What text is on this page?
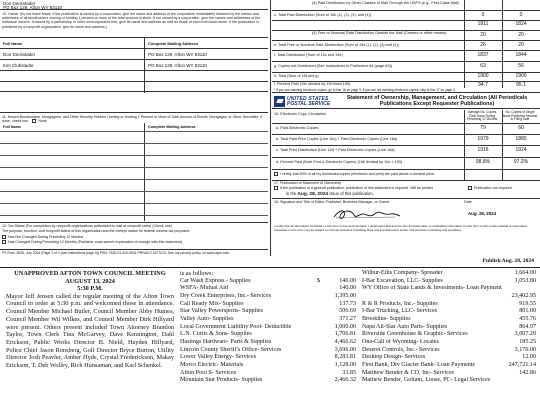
Don Deckstader
PO Box 129, Afton WY 83110
10. Owner (Do not leave blank. If the publication is owned by a corporation, give the name and address of the corporation immediately followed by the names and addresses of all stockholders owning or holding 1 percent or more of the total amount of stock. If not owned by a corporation, give the names and addresses of the individual owners. If owned by a partnership or other unincorporated firm, give its name and address as well as those of each individual owner. If the publication is published by a nonprofit organization, give its name and address.)
Full Name	Complete Mailing Address
Don Deckstader	PO Box 129, Afton WY 83110
Kim Clubstader	PO Box 129, Afton WY 83110
11. Known Bondholders, Mortgagees, and Other Security Holders Owning or Holding 1 Percent or More of Total Amount of Bonds, Mortgages, or Other Securities. If none, check box	None
Full Name	Complete Mailing Address
12. Tax Status (For completion by nonprofit organizations authorized to mail at nonprofit rates) (Check one)
The purpose, function, and nonprofit status of this organization and the exempt status for federal income tax purposes:
Has Not Changed During Preceding 12 Months
Has Changed During Preceding 12 Months (Publisher must submit explanation of change with this statement)
PS Form 3526, July 2014 (Page 1 of 4 (see instructions page 4)) PSN: 7530-01-000-9931 PRIVACY NOTICE: See our privacy policy on www.usps.com.
(4) Paid Distribution by Other Classes of Mail Through the USPS (e.g., First-Class Mail)
0	0
c. Total Paid Distribution (Sum of 15b (1), (2), (3), and (4))
1811	1824
(4) Free or Nominal Rate Distribution Outside the Mail (Carriers or other means)	20	20
e. Total Free or Nominal Rate Distribution (Sum of 15d (1), (2), (3) and (4))	26	20
f. Total Distribution (Sum of 15c and 15e)	1837	1844
g. Copies not Distributed (See Instructions to Publishers #4 (page #3))	63	56
h. Total (Sum of 15f and g)	1900	1900
i. Percent Paid (15c divided by 15f times 100)	94.7	95.1
* If you are claiming electronic copies, go to line 16 on page 3. If you are not claiming electronic copies, skip to line 17 on page 3.
UNITED STATES
POSTAL SERVICE
Statement of Ownership, Management, and Circulation (All Periodicals Publications Except Requester Publications)
16. Electronic Copy Circulation	Average No. Copies Each Issue During Preceding 12 Months
No. Copies of Single Issue Published Nearest to Filing Date
a. Paid Electronic Copies	79	60
b. Total Paid Print Copies (Line 15c) + Paid Electronic Copies (Line 16a)	1979	1880
c. Total Print Distribution (Line 15f) + Paid Electronic Copies (Line 16a)	1916	1924
d. Percent Paid (Both Print & Electronic Copies) (16b divided by 16c × 100)	98.8%	97.2%
I certify that 50% of all my distributed copies (electronic and print) are paid above a nominal price.
17. Publication of Statement of Ownership
If the publication is a general publication, publication of this statement is required. Will be printed	Publication not required.
in the Aug. 28, 2024 issue of this publication.
18. Signature and Title of Editor, Publisher, Business Manager, or Owner	Date
Aug. 28, 2024
I certify that all information furnished on this form is true and complete. I understand that anyone who furnishes false or misleading information on this form or who omits material or information requested on the form may be subject to criminal sanctions (including fines and imprisonment) and/or civil sanctions (including civil penalties).
Publish Aug. 28, 2024
UNAPPROVED AFTON TOWN COUNCIL MEETING
AUGUST 13, 2024
5:30 P.M.
Mayor Jeff Jensen called the regular meeting of the Afton Town Council to order at 5:30 p.m. and welcomed those in attendance. Council Member Michael Butler, Council Member Abby Humes, Council Member Wil Wilkes, and Council Member Dirk Hillyard were present. Others present included Town Attorney Brandon Taylor, Town Clerk Tina McGarvey, Dave Kennington, Dahl Erickson, Public Works Director B. Nield, Hayden Hillyard, Police Chief Jason Ronsberg, Golf Director Bryce Burton, Utility Director Josh Peavler, Amber Hyde, Crystal Frederickson, Makay Erickson, T. Deb Wolley, Rich Hunsaman, and Karl Schenkel.
is as follows:
Car Wash Express.- Supplies	$	140.00
WSFA- Mutual Aid	140.00
Dry Creek Enterprises, Inc.- Services	1,395.00
Call Ready Mix- Supplies	137.73
Star Valley Powersports- Supplies	506.69
Valley Auto- Supplies	371.27
Local Government Liability Pool- Deductible	1,000.00
L.N. Curtis & Sons- Supplies	1,706.81
Hastings Hardware- Parts & Supplies	4,466.62
Lincoln County Sheriff's Office- Services	3,696.00
Lower Valley Energy- Services	8,283.81
Morco Electric- Materials	1,128.00
Afton Pool S- Services	33.85
Mountain Star Products- Supplies	2,466.32
Wilbur-Ellis Company- Spreader	1,664.00
I-Bar Excavation, LLC- Supplies	1,053.80
WY Office of State Lands & Investments- Loan Payment
23,402.95
R & R Products, Inc.- Supplies	919.55
I-Bar Trucking, LLC- Services	801.00
Brooklins- Supplies	455.76
Napa All-Star Auto Parts- Supplies	864.97
Riverside Greenhouse & Graphic- Services	3,007.20
One-Call of Wyoming- Locates	185.25
Deseret Controls, Inc.- Services	3,170.00
Desktop Design- Services	12.00
First Bank, Div Glacier Bank- Loan Payments	247,721.14
Matthew Bender & CO, Inc- Services	142.86
Mathew Bender, Gottam, Loose, PC- Legal Services
